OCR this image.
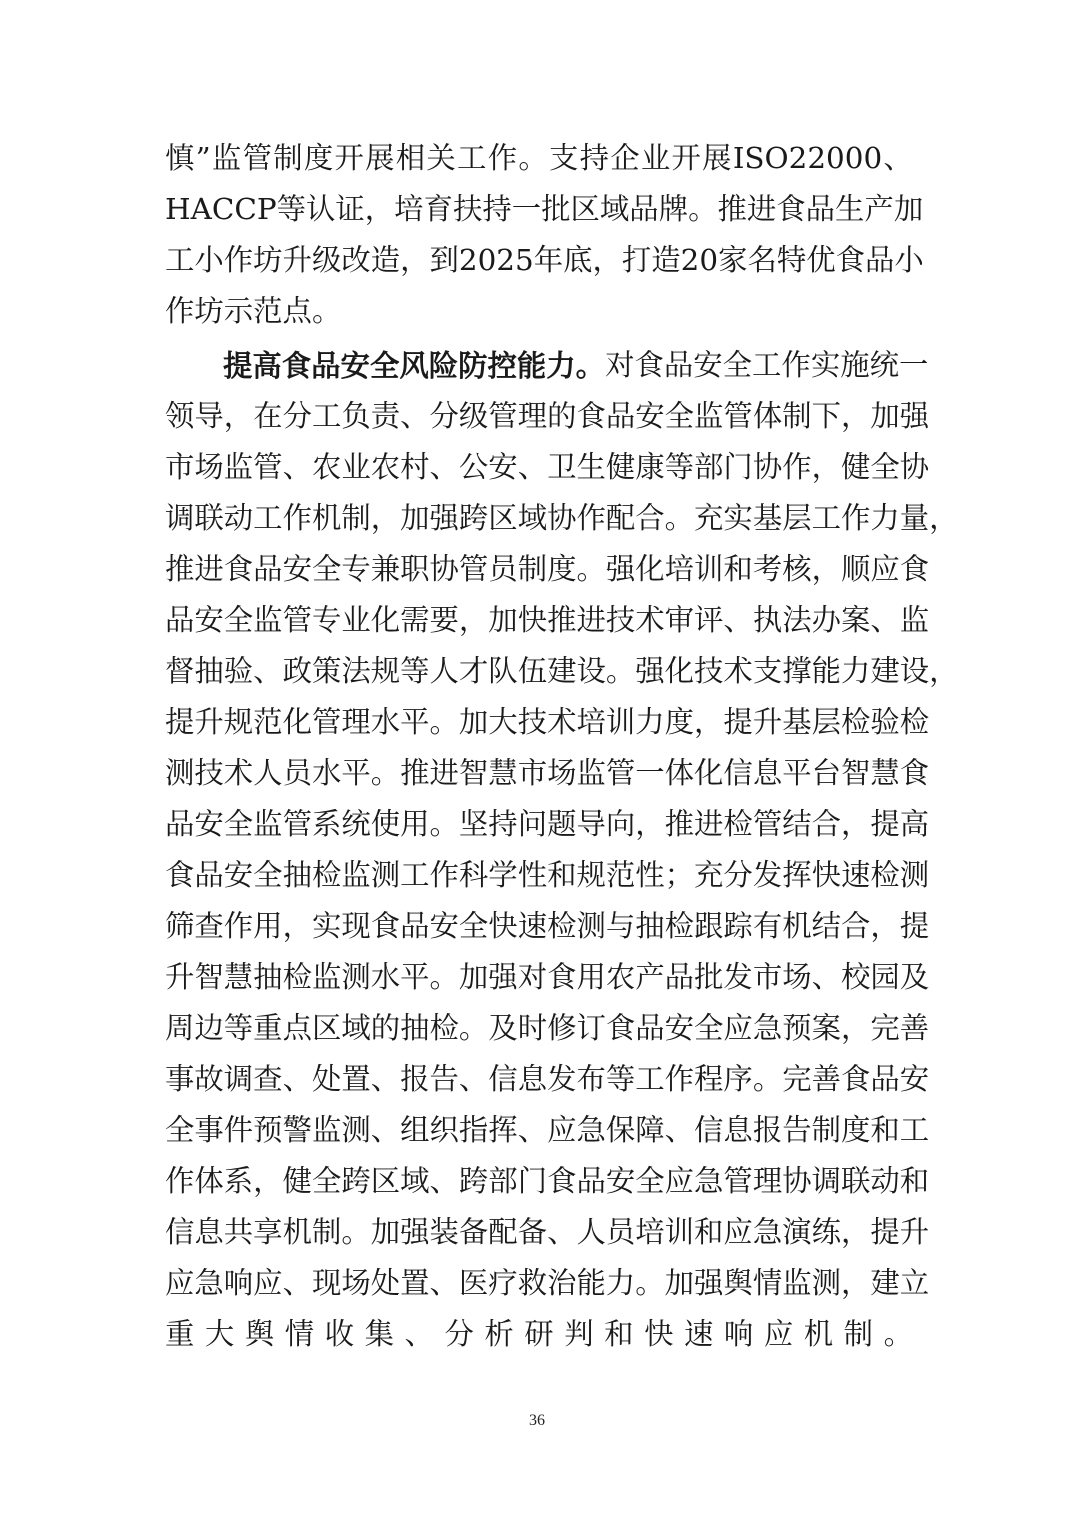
慎 ” 监 管 制 度 开 展 相 关 工 作 。 支 持 企 业 开 展 ISO22000 、
HACCP 等 认 证 ， 培 育 扶 持 一 批 区 域 品 牌 。 推 进 食 品 生 产 加
工 小 作 坊 升 级 改 造 ， 到 2025 年 底 ， 打 造 20 家 名 特 优 食 品 小
作坊示范点。
提高食品安全风险防控能力。 对 食 品 安 全 工 作 实 施 统 一
领 导 ， 在 分 工 负 责 、 分 级 管 理 的 食 品 安 全 监 管 体 制 下 ， 加 强
市 场 监 管 、 农 业 农 村 、 公 安 、 卫 生 健 康 等 部 门 协 作 ， 健 全 协
调 联 动 工 作 机 制 ， 加 强 跨 区 域 协 作 配 合 。 充 实 基 层 工 作 力 量 ，
推 进 食 品 安 全 专 兼 职 协 管 员 制 度 。 强 化 培 训 和 考 核 ， 顺 应 食
品 安 全 监 管 专 业 化 需 要 ， 加 快 推 进 技 术 审 评 、 执 法 办 案 、 监
督 抽 验 、 政 策 法 规 等 人 才 队 伍 建 设 。 强 化 技 术 支 撑 能 力 建 设 ，
提 升 规 范 化 管 理 水 平 。 加 大 技 术 培 训 力 度 ， 提 升 基 层 检 验 检
测 技 术 人 员 水 平 。 推 进 智 慧 市 场 监 管 一 体 化 信 息 平 台 智 慧 食
品 安 全 监 管 系 统 使 用 。 坚 持 问 题 导 向 ， 推 进 检 管 结 合 ， 提 高
食 品 安 全 抽 检 监 测 工 作 科 学 性 和 规 范 性 ； 充 分 发 挥 快 速 检 测
筛 查 作 用 ， 实 现 食 品 安 全 快 速 检 测 与 抽 检 跟 踪 有 机 结 合 ， 提
升 智 慧 抽 检 监 测 水 平 。 加 强 对 食 用 农 产 品 批 发 市 场 、 校 园 及
周 边 等 重 点 区 域 的 抽 检 。 及 时 修 订 食 品 安 全 应 急 预 案 ， 完 善
事 故 调 查 、 处 置 、 报 告 、 信 息 发 布 等 工 作 程 序 。 完 善 食 品 安
全 事 件 预 警 监 测 、 组 织 指 挥 、 应 急 保 障 、 信 息 报 告 制 度 和 工
作 体 系 ， 健 全 跨 区 域 、 跨 部 门 食 品 安 全 应 急 管 理 协 调 联 动 和
信 息 共 享 机 制 。 加 强 装 备 配 备 、 人 员 培 训 和 应 急 演 练 ， 提 升
应 急 响 应 、 现 场 处 置 、 医 疗 救 治 能 力 。 加 强 舆 情 监 测 ， 建 立
重 大 舆 情 收 集 、 分 析 研 判 和 快 速 响 应 机 制 。
36
